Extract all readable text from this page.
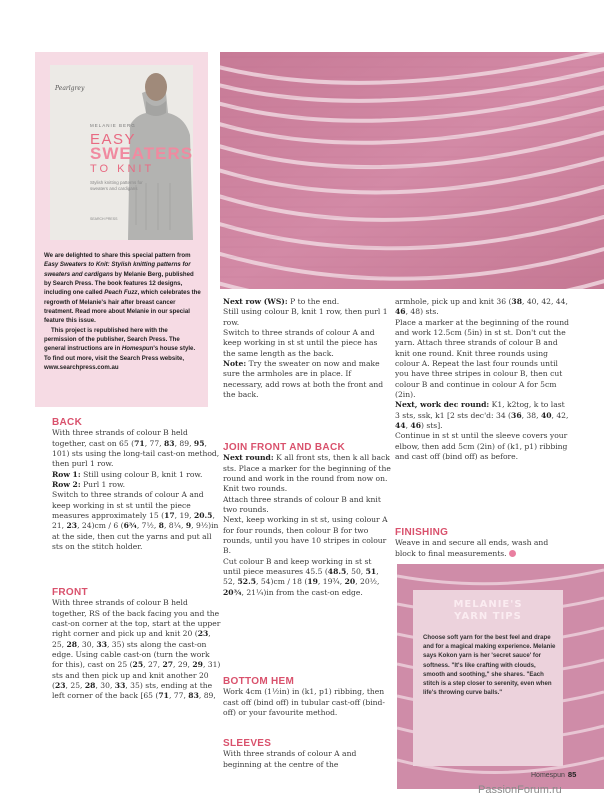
Pearlgrey
MELANIE BERG
EASY
SWEATERS
TO KNIT
Stylish knitting patterns for sweaters and cardigans
SEARCH PRESS

We are delighted to share this special pattern from Easy Sweaters to Knit: Stylish knitting patterns for sweaters and cardigans by Melanie Berg, published by Search Press. The book features 12 designs, including one called Peach Fuzz, which celebrates the regrowth of Melanie's hair after breast cancer treatment. Read more about Melanie in our special feature this issue.

This project is republished here with the permission of the publisher, Search Press. The general instructions are in Homespun's house style. To find out more, visit the Search Press website,

www.searchpress.com.au

BACK

With three strands of colour B held together, cast on 65 (71, 77, 83, 89, 95, 101) sts using the long-tail cast-on method, then purl 1 row.

Row 1: Still using colour B, knit 1 row.

Row 2: Purl 1 row.

Switch to three strands of colour A and keep working in st st until the piece measures approximately 15 (17, 19, 20.5, 21, 23, 24)cm / 6 (6¾, 7½, 8, 8¼, 9, 9½)in at the side, then cut the yarns and put all sts on the stitch holder.

FRONT

With three strands of colour B held together, RS of the back facing you and the cast-on corner at the top, start at the upper right corner and pick up and knit 20 (23, 25, 28, 30, 33, 35) sts along the cast-on edge. Using cable cast-on (turn the work for this), cast on 25 (25, 27, 27, 29, 29, 31) sts and then pick up and knit another 20 (23, 25, 28, 30, 33, 35) sts, ending at the left corner of the back [65 (71, 77, 83, 89,

Next row (WS): P to the end.

Still using colour B, knit 1 row, then purl 1 row.

Switch to three strands of colour A and keep working in st st until the piece has the same length as the back.

Note: Try the sweater on now and make sure the armholes are in place. If necessary, add rows at both the front and the back.

JOIN FRONT AND BACK

Next round: K all front sts, then k all back sts. Place a marker for the beginning of the round and work in the round from now on.

Knit two rounds.

Attach three strands of colour B and knit two rounds.

Next, keep working in st st, using colour A for four rounds, then colour B for two rounds, until you have 10 stripes in colour B.

Cut colour B and keep working in st st until piece measures 45.5 (48.5, 50, 51, 52, 52.5, 54)cm / 18 (19, 19¾, 20, 20½, 20¾, 21¼)in from the cast-on edge.

BOTTOM HEM

Work 4cm (1½in) in (k1, p1) ribbing, then cast off (bind off) in tubular cast-off (bind-off) or your favourite method.

SLEEVES

With three strands of colour A and beginning at the centre of the

armhole, pick up and knit 36 (38, 40, 42, 44, 46, 48) sts.

Place a marker at the beginning of the round and work 12.5cm (5in) in st st. Don't cut the yarn. Attach three strands of colour B and knit one round. Knit three rounds using colour A. Repeat the last four rounds until you have three stripes in colour B, then cut colour B and continue in colour A for 5cm (2in).

Next, work dec round: K1, k2tog, k to last 3 sts, ssk, k1 [2 sts dec'd: 34 (36, 38, 40, 42, 44, 46) sts].

Continue in st st until the sleeve covers your elbow, then add 5cm (2in) of (k1, p1) ribbing and cast off (bind off) as before.

FINISHING

Weave in and secure all ends, wash and block to final measurements.

MELANIE'S
YARN TIPS
Choose soft yarn for the best feel and drape and for a magical making experience. Melanie says Kokon yarn is her 'secret sauce' for softness. "It's like crafting with clouds, smooth and soothing," she shares. "Each stitch is a step closer to serenity, even when life's throwing curve balls."
Homespun 85
PassionForum.ru
